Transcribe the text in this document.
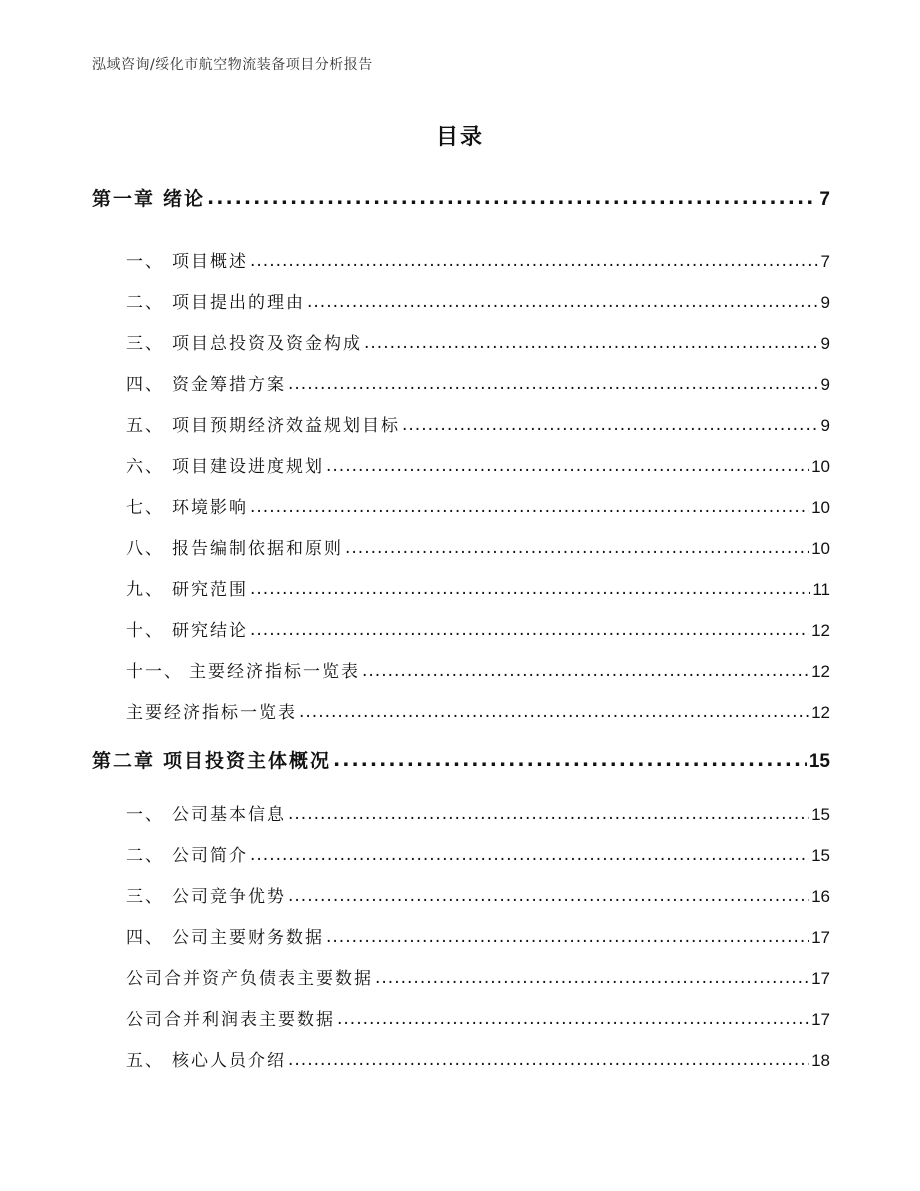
泓域咨询/绥化市航空物流装备项目分析报告
目录
第一章 绪论 .....	7
一、 项目概述 .....	7
二、 项目提出的理由 .....	9
三、 项目总投资及资金构成 .....	9
四、 资金筹措方案 .....	9
五、 项目预期经济效益规划目标 .....	9
六、 项目建设进度规划 .....	10
七、 环境影响 .....	10
八、 报告编制依据和原则 .....	10
九、 研究范围 .....	11
十、 研究结论 .....	12
十一、 主要经济指标一览表 .....	12
主要经济指标一览表 .....	12
第二章 项目投资主体概况 .....	15
一、 公司基本信息 .....	15
二、 公司简介 .....	15
三、 公司竞争优势 .....	16
四、 公司主要财务数据 .....	17
公司合并资产负债表主要数据 .....	17
公司合并利润表主要数据 .....	17
五、 核心人员介绍 .....	18
